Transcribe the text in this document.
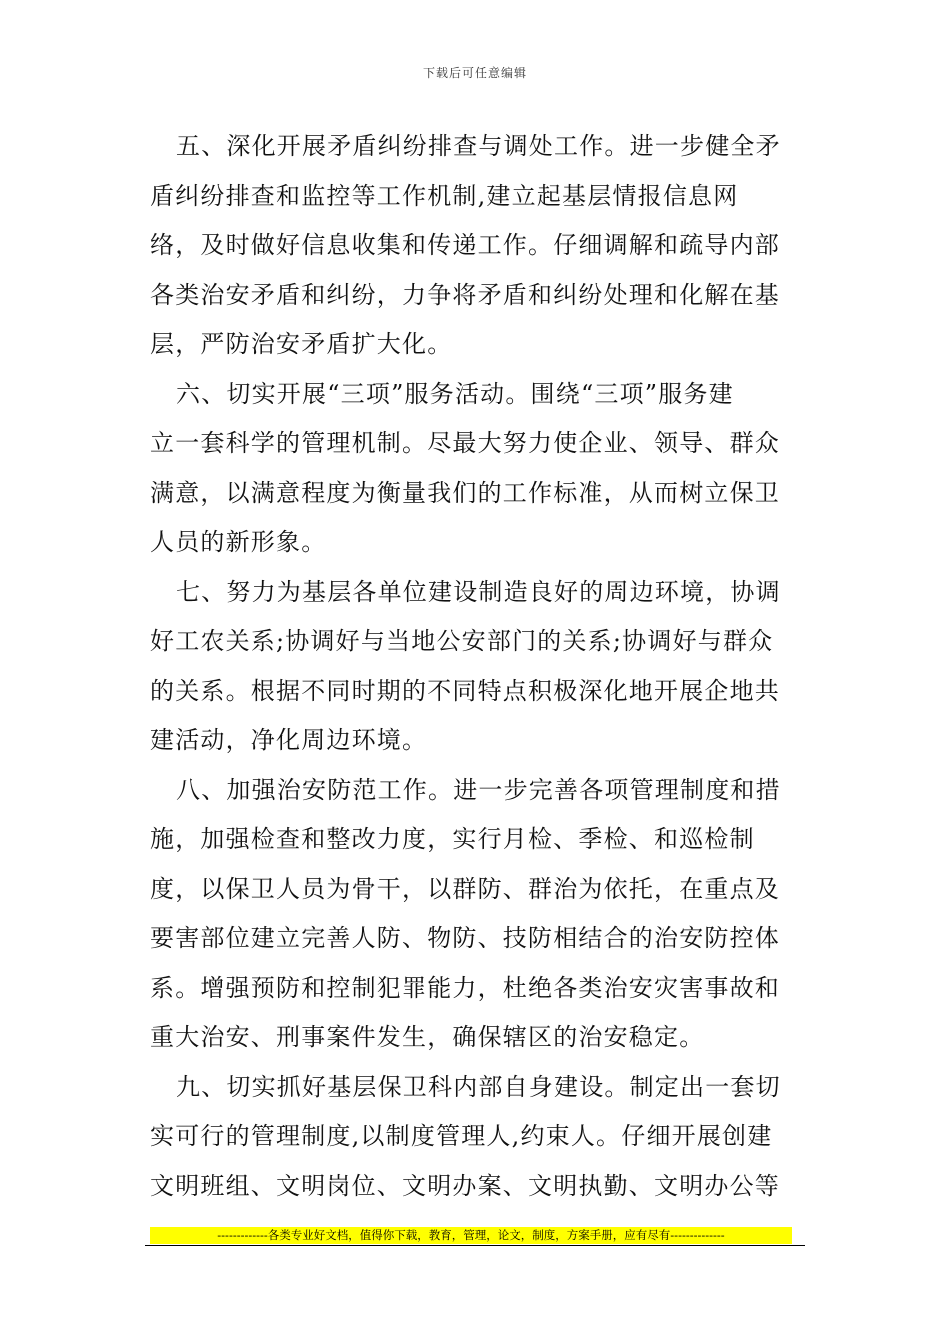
下载后可任意编辑
五、深化开展矛盾纠纷排查与调处工作。进一步健全矛
盾纠纷排查和监控等工作机制,建立起基层情报信息网
络，及时做好信息收集和传递工作。仔细调解和疏导内部
各类治安矛盾和纠纷，力争将矛盾和纠纷处理和化解在基
层，严防治安矛盾扩大化。
六、切实开展“三项”服务活动。围绕“三项”服务建
立一套科学的管理机制。尽最大努力使企业、领导、群众
满意，以满意程度为衡量我们的工作标准，从而树立保卫
人员的新形象。
七、努力为基层各单位建设制造良好的周边环境，协调
好工农关系;协调好与当地公安部门的关系;协调好与群众
的关系。根据不同时期的不同特点积极深化地开展企地共
建活动，净化周边环境。
八、加强治安防范工作。进一步完善各项管理制度和措
施，加强检查和整改力度，实行月检、季检、和巡检制
度，以保卫人员为骨干，以群防、群治为依托，在重点及
要害部位建立完善人防、物防、技防相结合的治安防控体
系。增强预防和控制犯罪能力，杜绝各类治安灾害事故和
重大治安、刑事案件发生，确保辖区的治安稳定。
九、切实抓好基层保卫科内部自身建设。制定出一套切
实可行的管理制度,以制度管理人,约束人。仔细开展创建
文明班组、文明岗位、文明办案、文明执勤、文明办公等
-------------各类专业好文档，值得你下载，教育，管理，论文，制度，方案手册，应有尽有--------------
